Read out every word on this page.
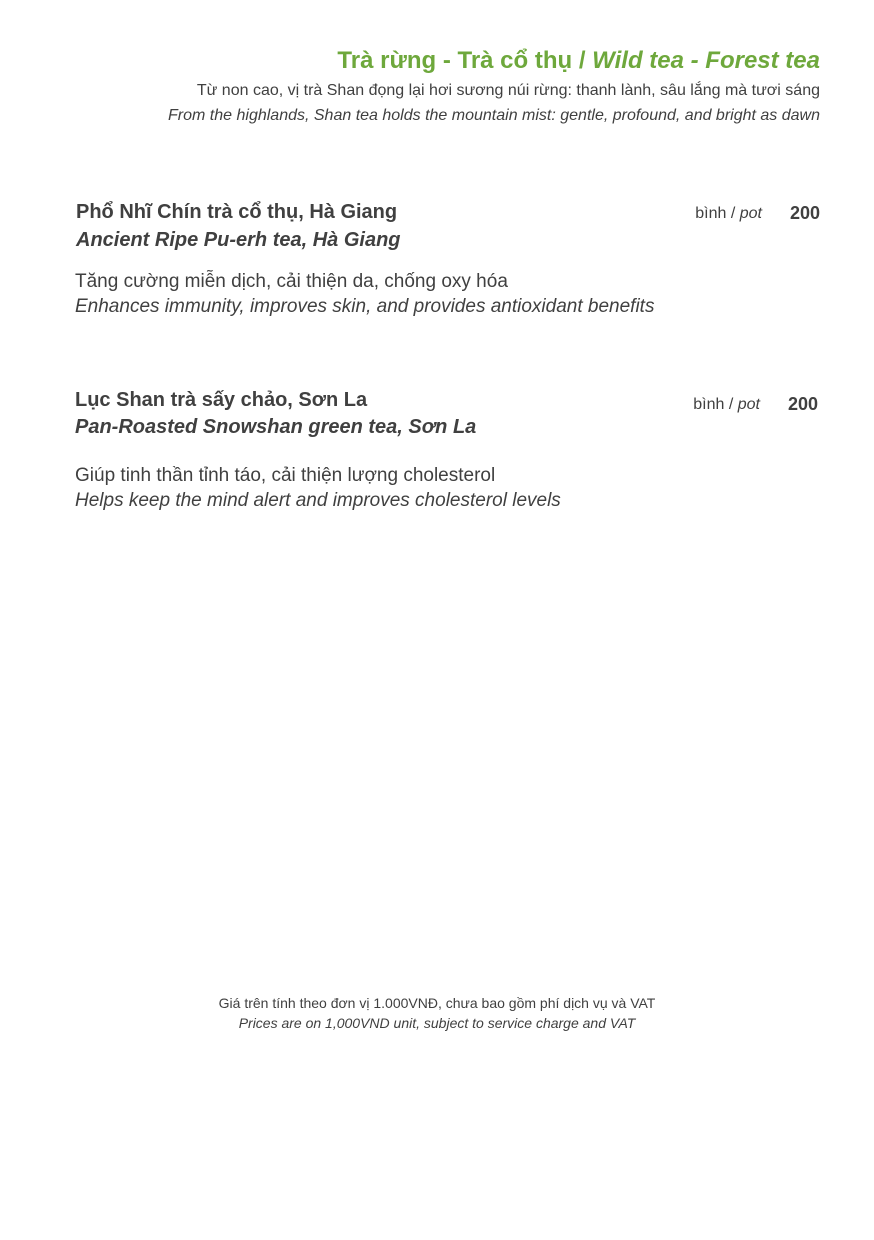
Trà rừng - Trà cổ thụ / Wild tea - Forest tea
Từ non cao, vị trà Shan đọng lại hơi sương núi rừng: thanh lành, sâu lắng mà tươi sáng
From the highlands, Shan tea holds the mountain mist: gentle, profound, and bright as dawn
Phổ Nhĩ Chín trà cổ thụ, Hà Giang
Ancient Ripe Pu-erh tea, Hà Giang
bình / pot 200
Tăng cường miễn dịch, cải thiện da, chống oxy hóa
Enhances immunity, improves skin, and provides antioxidant benefits
Lục Shan trà sấy chảo, Sơn La
Pan-Roasted Snowshan green tea, Sơn La
bình / pot 200
Giúp tinh thần tỉnh táo, cải thiện lượng cholesterol
Helps keep the mind alert and improves cholesterol levels
Giá trên tính theo đơn vị 1.000VNĐ, chưa bao gồm phí dịch vụ và VAT
Prices are on 1,000VND unit, subject to service charge and VAT
